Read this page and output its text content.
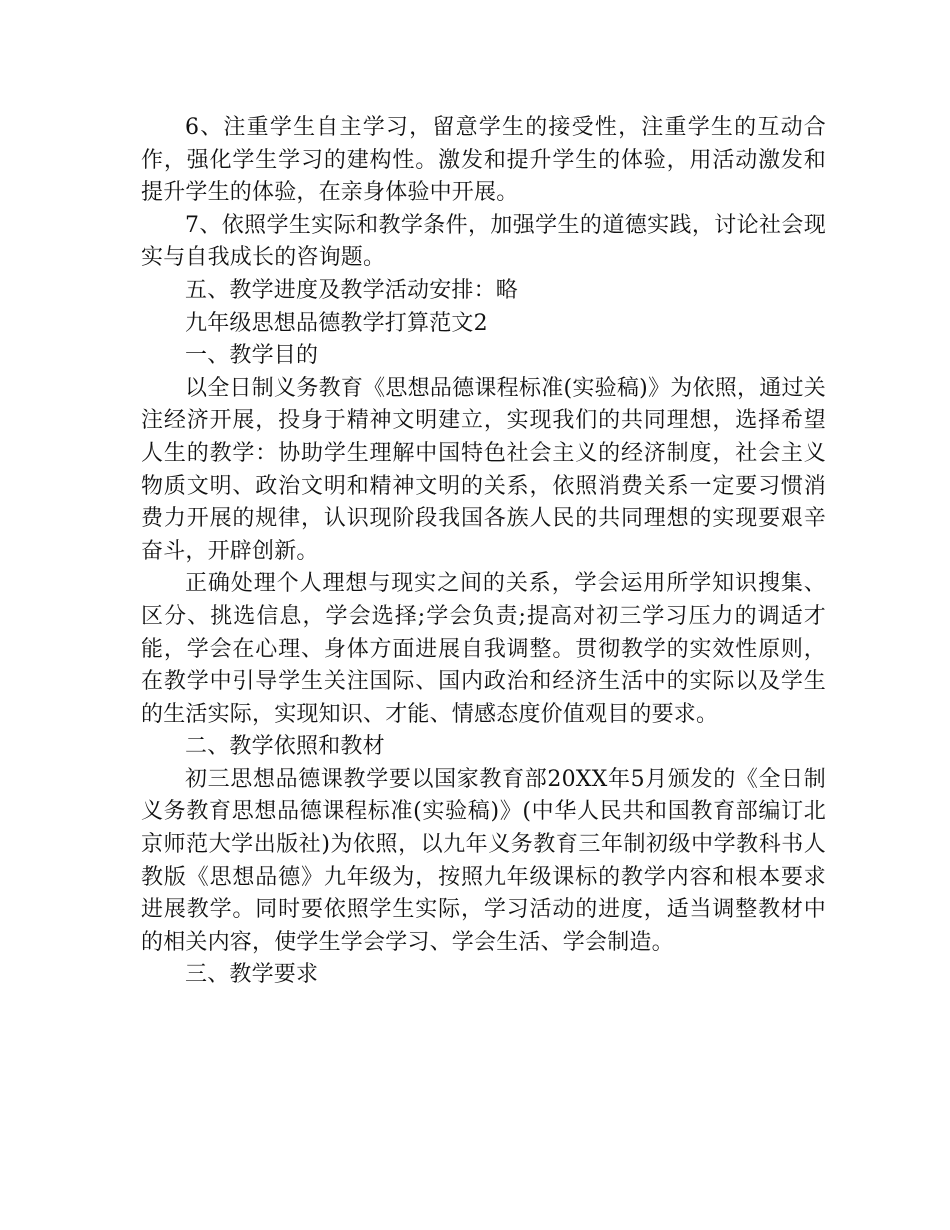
6、注重学生自主学习，留意学生的接受性，注重学生的互动合作，强化学生学习的建构性。激发和提升学生的体验，用活动激发和提升学生的体验，在亲身体验中开展。

7、依照学生实际和教学条件，加强学生的道德实践，讨论社会现实与自我成长的咨询题。

五、教学进度及教学活动安排：略

九年级思想品德教学打算范文2

一、教学目的

以全日制义务教育《思想品德课程标准(实验稿)》为依照，通过关注经济开展，投身于精神文明建立，实现我们的共同理想，选择希望人生的教学：协助学生理解中国特色社会主义的经济制度，社会主义物质文明、政治文明和精神文明的关系，依照消费关系一定要习惯消费力开展的规律，认识现阶段我国各族人民的共同理想的实现要艰辛奋斗，开辟创新。

正确处理个人理想与现实之间的关系，学会运用所学知识搜集、区分、挑选信息，学会选择;学会负责;提高对初三学习压力的调适才能，学会在心理、身体方面进展自我调整。贯彻教学的实效性原则，在教学中引导学生关注国际、国内政治和经济生活中的实际以及学生的生活实际，实现知识、才能、情感态度价值观目的要求。

二、教学依照和教材

初三思想品德课教学要以国家教育部20XX年5月颁发的《全日制义务教育思想品德课程标准(实验稿)》(中华人民共和国教育部编订北京师范大学出版社)为依照，以九年义务教育三年制初级中学教科书人教版《思想品德》九年级为，按照九年级课标的教学内容和根本要求进展教学。同时要依照学生实际，学习活动的进度，适当调整教材中的相关内容，使学生学会学习、学会生活、学会制造。

三、教学要求
